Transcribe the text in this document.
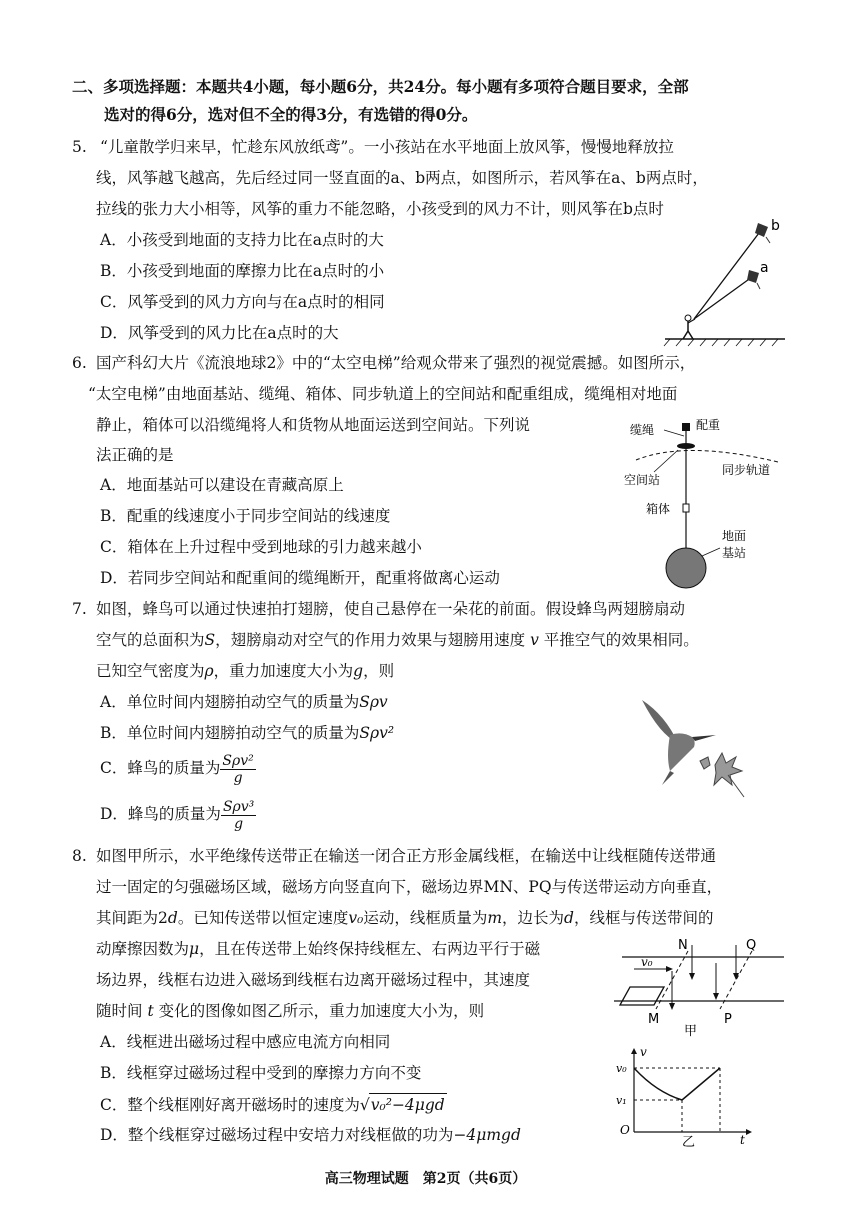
二、多项选择题：本题共4小题，每小题6分，共24分。每小题有多项符合题目要求，全部
选对的得6分，选对但不全的得3分，有选错的得0分。
5. “儿童散学归来早，忙趁东风放纸鸢”。一小孩站在水平地面上放风筝，慢慢地释放拉
线，风筝越飞越高，先后经过同一竖直面的a、b两点，如图所示，若风筝在a、b两点时，
拉线的张力大小相等，风筝的重力不能忽略，小孩受到的风力不计，则风筝在b点时
A．小孩受到地面的支持力比在a点时的大
B．小孩受到地面的摩擦力比在a点时的小
C．风筝受到的风力方向与在a点时的相同
D．风筝受到的风力比在a点时的大
b
a
6. 国产科幻大片《流浪地球2》中的“太空电梯”给观众带来了强烈的视觉震撼。如图所示，
“太空电梯”由地面基站、缆绳、箱体、同步轨道上的空间站和配重组成，缆绳相对地面
静止，箱体可以沿缆绳将人和货物从地面运送到空间站。下列说
法正确的是
A．地面基站可以建设在青藏高原上
B．配重的线速度小于同步空间站的线速度
C．箱体在上升过程中受到地球的引力越来越小
D．若同步空间站和配重间的缆绳断开，配重将做离心运动
缆绳	配重
同步轨道
空间站
箱体
地面
基站
7. 如图，蜂鸟可以通过快速拍打翅膀，使自己悬停在一朵花的前面。假设蜂鸟两翅膀扇动
空气的总面积为S，翅膀扇动对空气的作用力效果与翅膀用速度 v 平推空气的效果相同。
已知空气密度为ρ，重力加速度大小为g，则
A．单位时间内翅膀拍动空气的质量为Sρv
B．单位时间内翅膀拍动空气的质量为Sρv²
C．蜂鸟的质量为 $\frac{\text{Sρv²}}{g}$
D．蜂鸟的质量为 $\frac{\text{Sρv³}}{g}$
8. 如图甲所示，水平绝缘传送带正在输送一闭合正方形金属线框，在输送中让线框随传送带通
过一固定的匀强磁场区域，磁场方向竖直向下，磁场边界MN、PQ与传送带运动方向垂直，
其间距为2d。已知传送带以恒定速度v₀运动，线框质量为m，边长为d，线框与传送带间的
动摩擦因数为μ，且在传送带上始终保持线框左、右两边平行于磁
场边界，线框右边进入磁场到线框右边离开磁场过程中，其速度
随时间 t 变化的图像如图乙所示，重力加速度大小为，则
A．线框进出磁场过程中感应电流方向相同
B．线框穿过磁场过程中受到的摩擦力方向不变
C．整个线框刚好离开磁场时的速度为√v₀²−4μgd
D．整个线框穿过磁场过程中安培力对线框做的功为−4μmgd
v₀
N	Q
M	P
甲
v
v₀
v₁
O
t
乙
高三物理试题　第2页（共6页）
